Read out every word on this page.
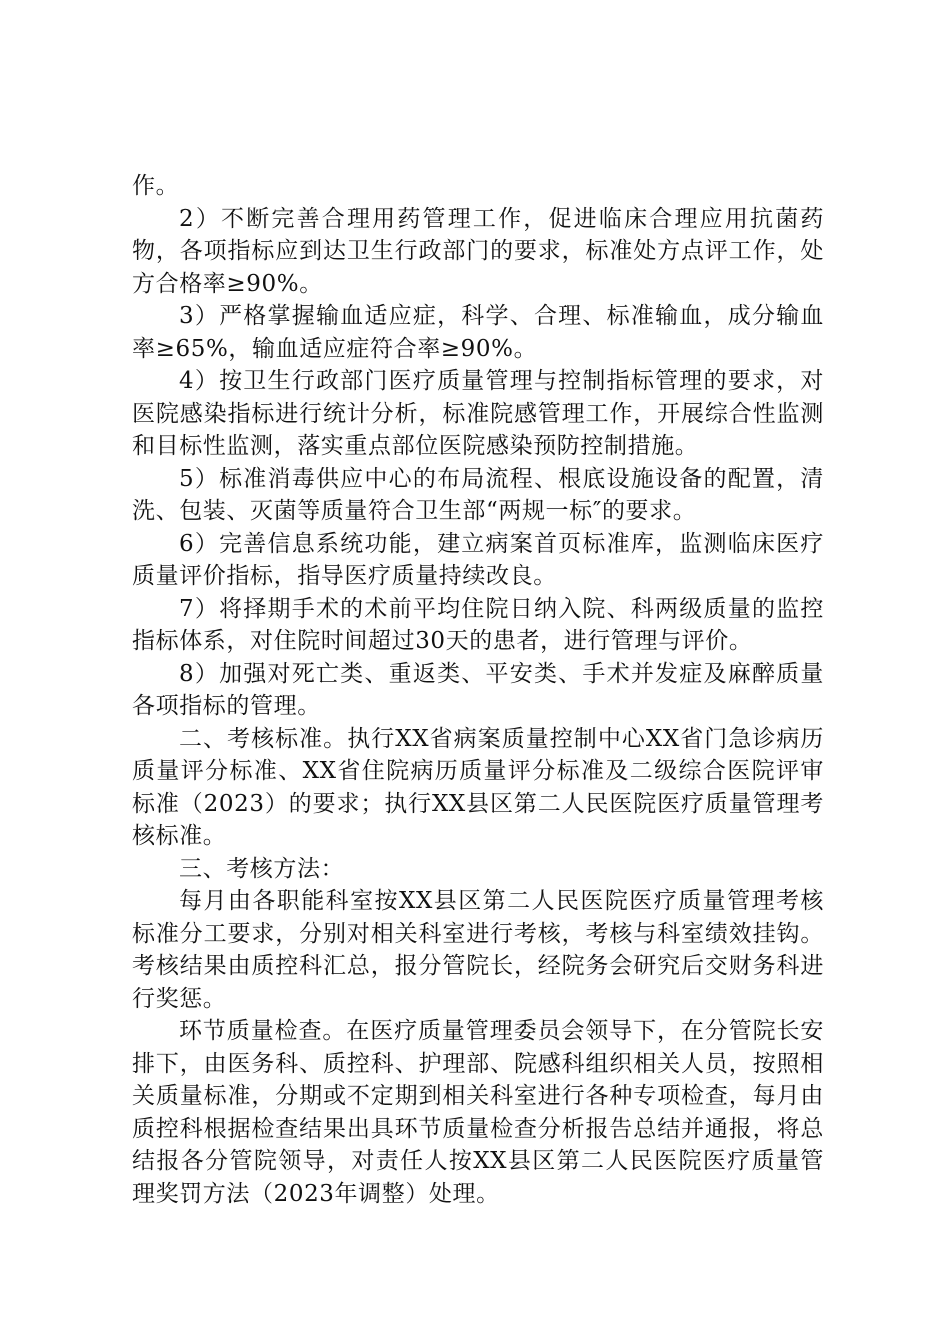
作。

2）不断完善合理用药管理工作，促进临床合理应用抗菌药物，各项指标应到达卫生行政部门的要求，标准处方点评工作，处方合格率≥90%。

3）严格掌握输血适应症，科学、合理、标准输血，成分输血率≥65%，输血适应症符合率≥90%。

4）按卫生行政部门医疗质量管理与控制指标管理的要求，对医院感染指标进行统计分析，标准院感管理工作，开展综合性监测和目标性监测，落实重点部位医院感染预防控制措施。

5）标准消毒供应中心的布局流程、根底设施设备的配置，清洗、包装、灭菌等质量符合卫生部“两规一标″的要求。

6）完善信息系统功能，建立病案首页标准库，监测临床医疗质量评价指标，指导医疗质量持续改良。

7）将择期手术的术前平均住院日纳入院、科两级质量的监控指标体系，对住院时间超过30天的患者，进行管理与评价。

8）加强对死亡类、重返类、平安类、手术并发症及麻醉质量各项指标的管理。

二、考核标准。执行XX省病案质量控制中心XX省门急诊病历质量评分标准、XX省住院病历质量评分标准及二级综合医院评审标准（2023）的要求；执行XX县区第二人民医院医疗质量管理考核标准。

三、考核方法：

每月由各职能科室按XX县区第二人民医院医疗质量管理考核标准分工要求，分别对相关科室进行考核，考核与科室绩效挂钩。考核结果由质控科汇总，报分管院长，经院务会研究后交财务科进行奖惩。

环节质量检查。在医疗质量管理委员会领导下，在分管院长安排下，由医务科、质控科、护理部、院感科组织相关人员，按照相关质量标准，分期或不定期到相关科室进行各种专项检查，每月由质控科根据检查结果出具环节质量检查分析报告总结并通报，将总结报各分管院领导，对责任人按XX县区第二人民医院医疗质量管理奖罚方法（2023年调整）处理。
